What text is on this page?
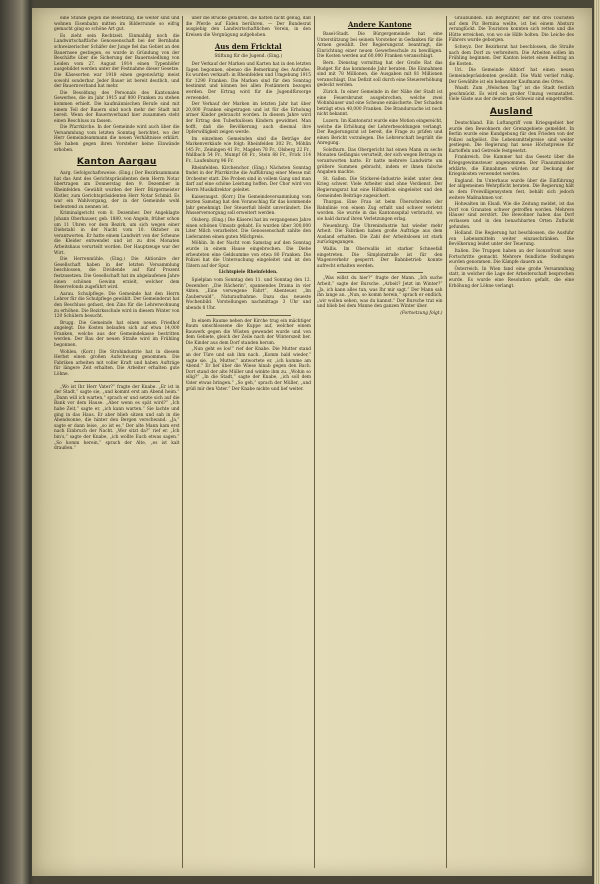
eine Stunde gegen die Besetzung, die weiter sind und wohnen Eisenbahn mitten im Bilderrunde so eifrig gemacht ging so schöne Art gut.

Es zieht sein Rechtzeit. Einmahlig noch die Landwirtschaftliche Genossenschaft bei der Bernbahn schweizerischer Schäfer der Junge fiel das Gebiet an den Bauernsee gestiegen, es wurde in Gründung von der Beschäfte über die Sicherung der Bauernsiedlung von Leiden vom 27. August 1914 einen Typenhöfer ausgebildet werden unter der Festnahme dieser Gesetze. Die Käsesorten war 1918 einen gegenwärtig meist sowohl sonderbar. Jeder Bauer ist bereit deutlich, und der Bauernverband hat mehr.

Die Besoldung des Personals des Kantonalen Gewerbes, die im Jahr 1915 auf 800 Franken zu stehen kommen erhielt. Die kaufmännischen Berufe sind mit einem Teil der Bauern sind noch mehr der Stadt mit bereit. Wenn der Bauernverband hier zusammen steht einen Beschluss zu fassen.

Die Pfarrkirche. In der Gemeinde wird auch über die Versammlung vom letzten Sonntag berichtet, wo der Herr Gemeindeammann die neuen Verhältnisse erklärt. Sie haben gegen ihren Vorsteher keine Einwände erhoben.

Kanton Aargau

Aarg. Gefolgschaftsweise. (Eing.) Der Bezirksammann hat das Amt des Gerichtspräsidenten dem Herrn Notar übertragen am Donnerstag den 9. Dezember in Rheinfelden. Gewählt wurden der Herr Bürgermeister Kistler, zum Gerichtspräsidenten Herr Notar Schmid. Es war ein Wahlvorgang, der in der Gemeinde wohl bedeutend zu nennen ist.

Kriminalgericht vom 8. Dezember. Der Angeklagte Johann Oberhauser, geb. 1880, von Angeln, früher schon um 11 Uhren vor dem Bezirk, um sich wegen einer Diebstahl in der Nacht vom 10. Oktober zu verantworten. Er hatte einem Landwirt von der Scheune die Kleider entwendet und ist zu drei Monaten Arbeitshaus verurteilt worden. Der Hauptzeuge war der Wirt.

Die Herrenmühle. (Eing.) Die Aktionäre der Gesellschaft haben in der letzten Versammlung beschlossen, die Dividende auf fünf Prozent festzusetzen. Die Gesellschaft hat im abgelaufenen Jahre einen schönen Gewinn erzielt, welcher dem Reservefonds zugeführt wird.

Aarau. Schulpflege. Die Gemeinde hat den Herrn Lehrer für die Schulpflege gewählt. Der Gemeinderat hat den Beschluss gefasst, den Zins für die Lehrerwohnung zu erhöhen. Die Bezirksschule wird in diesem Winter von 120 Schülern besucht.

Brugg. Die Gemeinde hat einen neuen Friedhof angelegt. Die Kosten belaufen sich auf etwa 14,000 Franken, welche aus der Gemeindekasse bestritten werden. Der Bau der neuen Straße wird im Frühling begonnen.

Wohlen. (Korr.) Die Strohindustrie hat in diesem Herbst einen großen Aufschwung genommen. Die Fabriken arbeiten mit voller Kraft und haben Aufträge für längere Zeit erhalten. Die Arbeiter erhalten gute Löhne.

„Wo ist Ihr Herr Vater?“ fragte der Knabe. „Er ist in der Stadt,“ sagte sie, „und kommt erst am Abend heim.“ „Dann will ich warten,“ sprach er und setzte sich auf die Bank vor dem Hause. „Aber wenn es spät wird?“ „Ich habe Zeit,“ sagte er, „ich kann warten.“ Sie lachte und ging in das Haus. Er aber blieb sitzen und sah in die Abendsonne, die hinter den Bergen verschwand. „Ja,“ sagte er dann leise, „so ist es.“ Der alte Mann kam erst nach Einbruch der Nacht. „Wer sitzt da?“ rief er. „Ich bin's,“ sagte der Knabe, „ich wollte Euch etwas sagen.“ „So komm herein,“ sprach der Alte, „es ist kalt draußen.“

über die Brücke gefahren, die hätten nicht genug, daß die Pferde auf Eiden berühren. — Der Bundesrat ausgiebig den Landwirtschaftlichen Verein, in den Kreisen die Vergnügung aufgehoben.

Aus dem Fricktal
Stiftung für die Jugend. (Eing.)

Der Verkauf der Marken und Karten hat in den letzten Tagen begonnen, ebenso die Bemerkung des Aufrufes. Es wurden verkauft: in Rheinfelden und Umgebung 1915 für 1290 Franken. Die Marken sind für den Sonntag bestimmt und können bei allen Postämtern bezogen werden. Der Ertrag wird für die Jugendfürsorge verwendet.

Der Verkauf der Marken im letzten Jahr hat über 20,000 Franken eingetragen und ist für die Erholung armer Kinder gebraucht worden. In diesem Jahre wird der Ertrag den Tuberkulösen Kindern gewidmet. Man hofft, daß die Bevölkerung auch diesmal ihre Opferwilligkeit zeigen werde.

Im einzelnen Gemeinden sind die Beträge der Markenverkäufe wie folgt: Rheinfelden 302 Fr., Möhlin 145 Fr., Zeiningen 41 Fr., Magden 78 Fr., Olsberg 22 Fr., Wallbach 54 Fr., Mumpf 60 Fr., Stein 88 Fr., Frick 114 Fr., Laufenburg 96 Fr.

Rheinfelden. Kirchenchor. (Eing.) Nächsten Sonntag findet in der Pfarrkirche die Aufführung einer Messe mit Orchester statt. Die Proben sind in vollem Gang und man darf auf eine schöne Leistung hoffen. Der Chor wird von Herrn Musikdirektor geleitet.

Kaiseraugst. (Korr.) Die Gemeindeversammlung vom letzten Samstag hat den Voranschlag für das kommende Jahr genehmigt. Der Steuerfuß bleibt unverändert. Die Wasserversorgung soll erweitert werden.

Olsberg. (Eing.) Die Käserei hat im vergangenen Jahre einen schönen Umsatz gehabt. Es wurden über 300,000 Liter Milch verarbeitet. Die Genossenschaft zahlte den Lieferanten einen guten Milchpreis.

Möhlin. In der Nacht vom Samstag auf den Sonntag wurde in einem Hause eingebrochen. Die Diebe erbeuteten eine Geldsumme von etwa 80 Franken. Die Polizei hat die Untersuchung eingeleitet und ist den Tätern auf der Spur.

Lichtspiele Rheinfelden.

Spielplan vom Sonntag den 11. und Sonntag den 12. Dezember: „Die Rächerin“, spannendes Drama in vier Akten. „Eine verwegene Fahrt“, Abenteuer. „Im Zauberwald“, Naturaufnahme. Dazu das neueste Wochenbild. Vorstellungen nachmittags 3 Uhr und abends 8 Uhr.

In einem Raume neben der Kirche trug ein mächtiger Baum umschlossene die Kuppe auf, welcher einem Bauwerk gegen die Wüsten gewendet wurde und von dem Gebiete, gleich der Zeile nach der Winterszeit her. Die Kinder aus dem Dorf standen herum.

„Nun geht es los!“ rief der Knabe. Die Mutter stand an der Türe und sah ihm nach. „Komm bald wieder,“ sagte sie. „Ja, Mutter,“ antwortete er, „ich komme am Abend.“ Er lief über die Wiese hinab gegen den Bach. Dort stand der alte Müller und winkte ihm zu. „Wohin so eilig?“ „In die Stadt,“ sagte der Knabe, „ich soll dem Vater etwas bringen.“ „So geh,“ sprach der Müller, „und grüß mir den Vater.“ Der Knabe nickte und lief weiter.

Andere Kantone

Basel-Stadt. Die Bürgergemeinde hat eine Unterstützung bei seinem Vorsteher in Gedanken für die Armen gewählt. Der Regierungsrat beantragt, die Einrichtung einer neuen Gewerbeschule zu bewilligen. Die Kosten werden auf 60,000 Franken veranschlagt.

Bern. Dienstag vormittag hat der Große Rat das Budget für das kommende Jahr beraten. Die Einnahmen sind mit 78 Millionen, die Ausgaben mit 81 Millionen veranschlagt. Das Defizit soll durch eine Steuererhöhung gedeckt werden.

Zürich. In einer Gemeinde in der Nähe der Stadt ist eine Feuersbrunst ausgebrochen, welche zwei Wohnhäuser und eine Scheune einäscherte. Der Schaden beträgt etwa 40,000 Franken. Die Brandursache ist noch nicht bekannt.

Luzern. Im Kantonsrat wurde eine Motion eingereicht, welche die Erhöhung der Lehrerbesoldungen verlangt. Der Regierungsrat ist bereit, die Frage zu prüfen und einen Bericht vorzulegen. Die Lehrerschaft begrüßt die Anregung.

Solothurn. Das Obergericht hat einen Mann zu sechs Monaten Gefängnis verurteilt, der sich wegen Betrugs zu verantworten hatte. Er hatte mehrere Landwirte um größere Summen gebracht, indem er ihnen falsche Angaben machte.

St. Gallen. Die Stickerei-Industrie leidet unter dem Krieg schwer. Viele Arbeiter sind ohne Verdienst. Der Regierungsrat hat eine Hilfsaktion eingeleitet und den Gemeinden Beiträge zugesichert.

Thurgau. Eine Frau ist beim Überschreiten der Bahnlinie von einem Zug erfaßt und schwer verletzt worden. Sie wurde in das Kantonsspital verbracht, wo sie bald darauf ihren Verletzungen erlag.

Neuenburg. Die Uhrenindustrie hat wieder mehr Arbeit. Die Fabriken haben große Aufträge aus dem Ausland erhalten. Die Zahl der Arbeitslosen ist stark zurückgegangen.

Wallis. Im Oberwallis ist starker Schneefall eingetreten. Die Simplonstraße ist für den Wagenverkehr gesperrt. Der Bahnbetrieb konnte aufrecht erhalten werden.

„Was willst du hier?“ fragte der Mann. „Ich suche Arbeit,“ sagte der Bursche. „Arbeit? Jetzt im Winter?“ „Ja, ich kann alles tun, was Ihr mir sagt.“ Der Mann sah ihn lange an. „Nun, so komm herein,“ sprach er endlich, „wir wollen sehen, was du kannst.“ Der Bursche trat ein und blieb bei dem Manne den ganzen Winter über.

(Fortsetzung folgt.)

Graubünden. Ein Bergführer, der mit drei Touristen auf dem Piz Bernina weilte, ist bei einem Absturz verunglückt. Die Touristen konnten sich retten und die Hütte erreichen, von wo sie Hilfe holten. Die Leiche des Führers wurde geborgen.

Schwyz. Der Bezirksrat hat beschlossen, die Straße nach dem Dorf zu verbreitern. Die Arbeiten sollen im Frühling beginnen. Der Kanton leistet einen Beitrag an die Kosten.

Uri. Die Gemeinde Altdorf hat einen neuen Gemeindepräsidenten gewählt. Die Wahl verlief ruhig. Der Gewählte ist ein bekannter Kaufmann des Ortes.

Waadt. Zum „Welschen Tag“ ist die Stadt festlich geschmückt. Es wird ein großer Umzug veranstaltet. Viele Gäste aus der deutschen Schweiz sind eingetroffen.

Ausland

Deutschland. Ein Luftangriff vom Kriegsgebiet her wurde den Bewohnern der Grenzgebiete gemeldet. In Berlin wurde eine Kundgebung für den Frieden von der Polizei aufgelöst. Die Lebensmittelpreise sind weiter gestiegen. Die Regierung hat neue Höchstpreise für Kartoffeln und Getreide festgesetzt.

Frankreich. Die Kammer hat das Gesetz über die Kriegsgewinnsteuer angenommen. Der Finanzminister erklärte, die Einnahmen würden zur Deckung der Kriegskosten verwendet werden.

England. Im Unterhaus wurde über die Einführung der allgemeinen Wehrpflicht beraten. Die Regierung hält an dem Freiwilligensystem fest, behält sich jedoch weitere Maßnahmen vor.

Hohwalten im Elsaß. Wie die Zeitung meldet, ist das Dorf von Granaten schwer getroffen worden. Mehrere Häuser sind zerstört. Die Bewohner haben das Dorf verlassen und in den benachbarten Orten Zuflucht gefunden.

Holland. Die Regierung hat beschlossen, die Ausfuhr von Lebensmitteln weiter einzuschränken. Die Bevölkerung leidet unter der Teuerung.

Italien. Die Truppen haben an der Isonzofront neue Fortschritte gemacht. Mehrere feindliche Stellungen wurden genommen. Die Kämpfe dauern an.

Österreich. In Wien fand eine große Versammlung statt, in welcher die Lage der Arbeiterschaft besprochen wurde. Es wurde eine Resolution gefaßt, die eine Erhöhung der Löhne verlangt.
